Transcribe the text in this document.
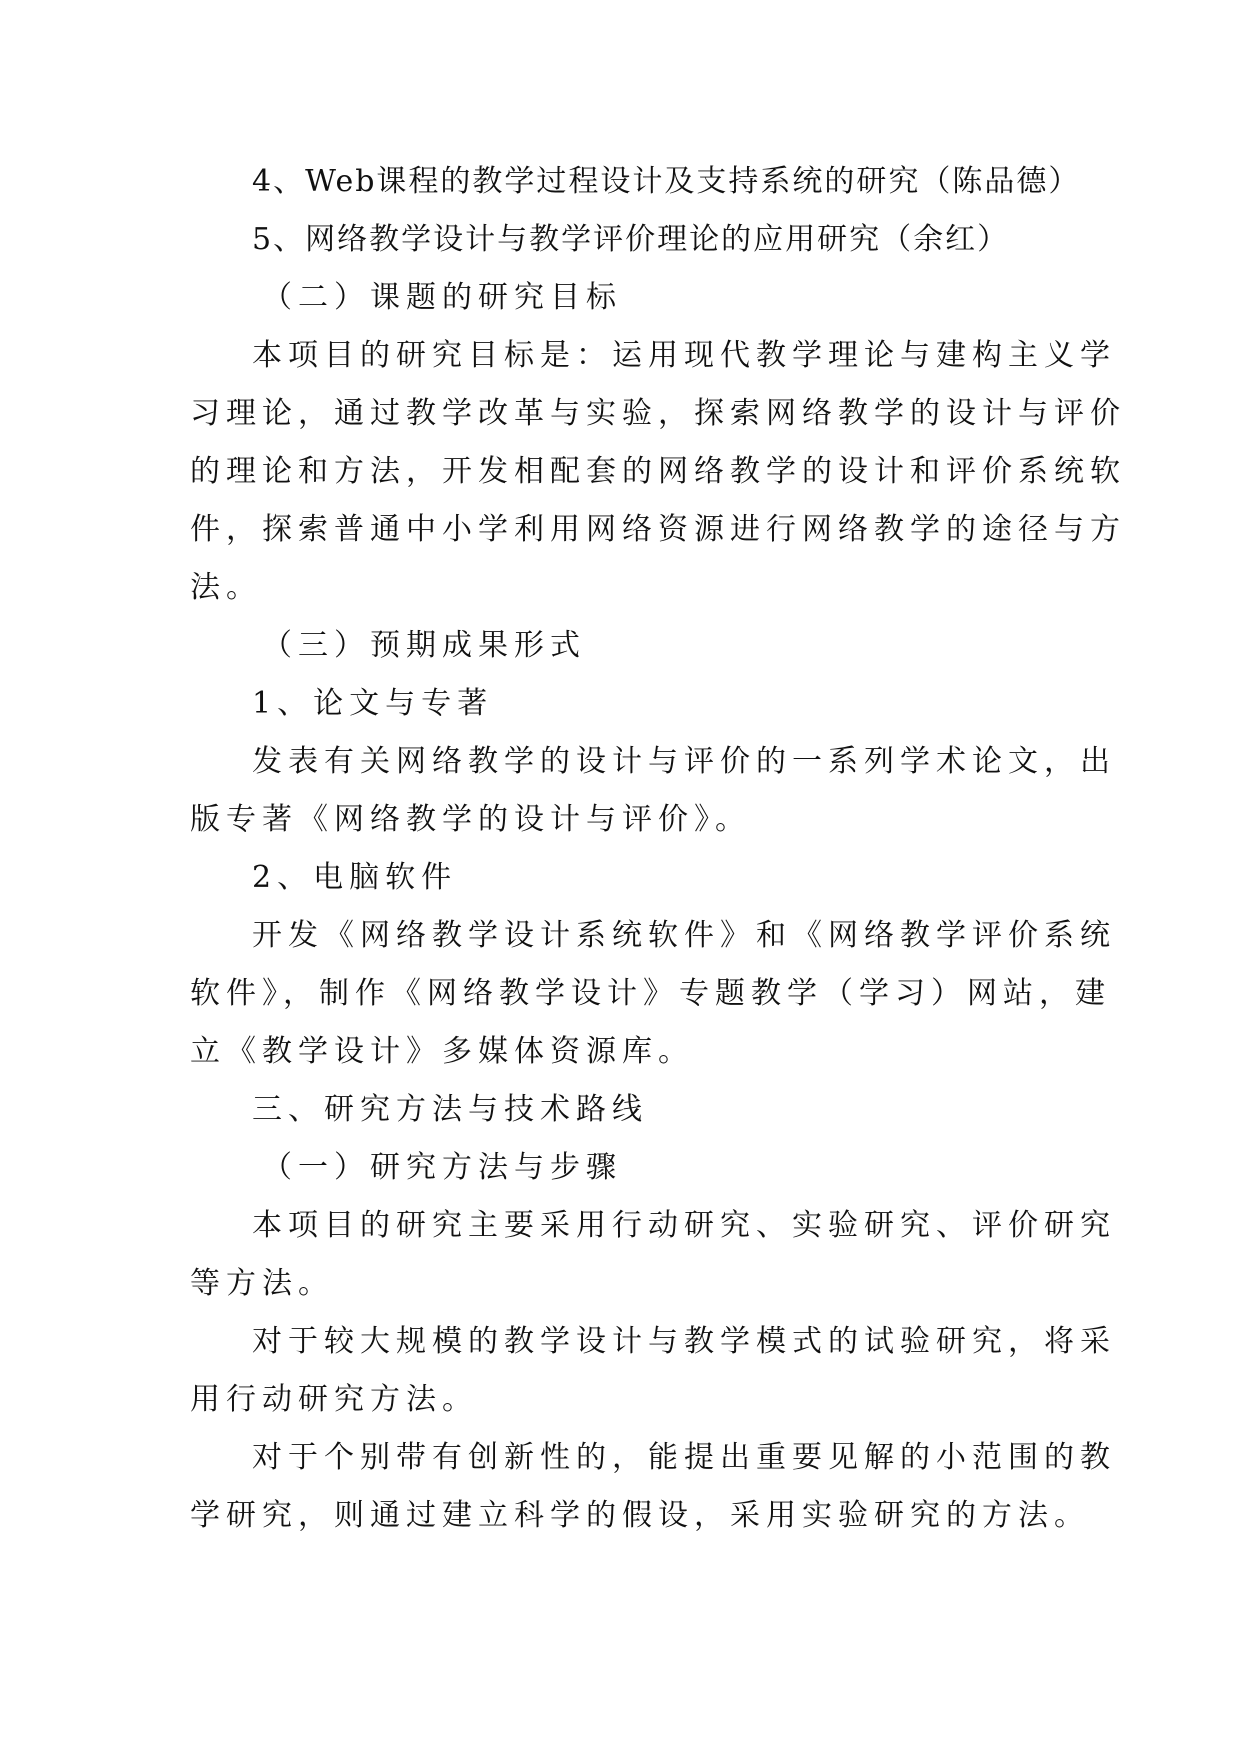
4、Web课程的教学过程设计及支持系统的研究（陈品德）
5、网络教学设计与教学评价理论的应用研究（余红）
（二）课题的研究目标
本项目的研究目标是：运用现代教学理论与建构主义学
习理论，通过教学改革与实验，探索网络教学的设计与评价
的理论和方法，开发相配套的网络教学的设计和评价系统软
件，探索普通中小学利用网络资源进行网络教学的途径与方
法。
（三）预期成果形式
1、论文与专著
发表有关网络教学的设计与评价的一系列学术论文，出
版专著《网络教学的设计与评价》。
2、电脑软件
开发《网络教学设计系统软件》和《网络教学评价系统
软件》，制作《网络教学设计》专题教学（学习）网站，建
立《教学设计》多媒体资源库。
三、研究方法与技术路线
（一）研究方法与步骤
本项目的研究主要采用行动研究、实验研究、评价研究
等方法。
对于较大规模的教学设计与教学模式的试验研究，将采
用行动研究方法。
对于个别带有创新性的，能提出重要见解的小范围的教
学研究，则通过建立科学的假设，采用实验研究的方法。
